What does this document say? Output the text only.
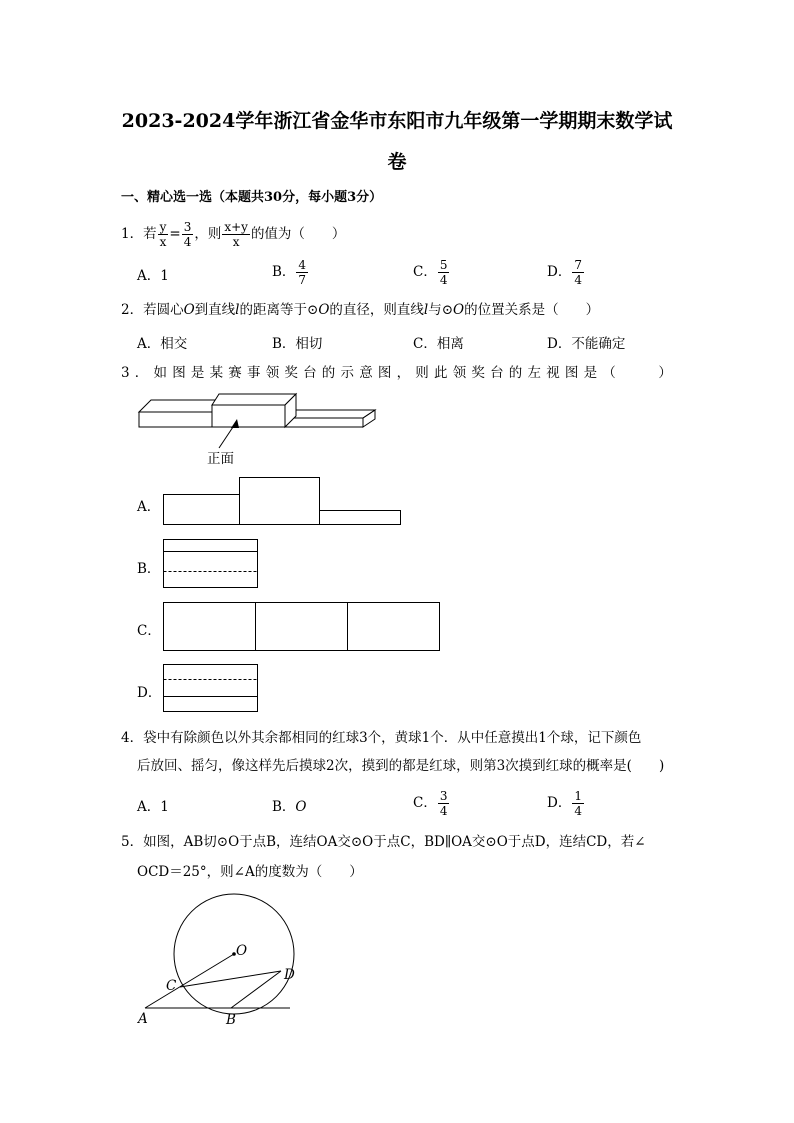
2023-2024学年浙江省金华市东阳市九年级第一学期期末数学试
卷
一、精心选一选（本题共30分，每小题3分）
1．若 $\frac{y}{x} = \frac{3}{4}$ ，则 $\frac{x+y}{x}$ 的值为（　　）
A．1	B． $\frac{4}{7}$	C． $\frac{5}{4}$	D． $\frac{7}{4}$
2．若圆心O到直线l的距离等于⊙O的直径，则直线l与⊙O的位置关系是（　　）
A．相交	B．相切	C．相离	D．不能确定
3．如图是某赛事领奖台的示意图，则此领奖台的左视图是（　　）
正面
A．
B．
C．
D．
4．袋中有除颜色以外其余都相同的红球3个，黄球1个．从中任意摸出1个球，记下颜色
后放回、摇匀，像这样先后摸球2次，摸到的都是红球，则第3次摸到红球的概率是(　　)
A．1	B．O	C． $\frac{3}{4}$	D． $\frac{1}{4}$
5．如图，AB切⊙O于点B，连结OA交⊙O于点C，BD∥OA交⊙O于点D，连结CD，若∠
OCD＝25°，则∠A的度数为（　　）
O
C
D
A	B
